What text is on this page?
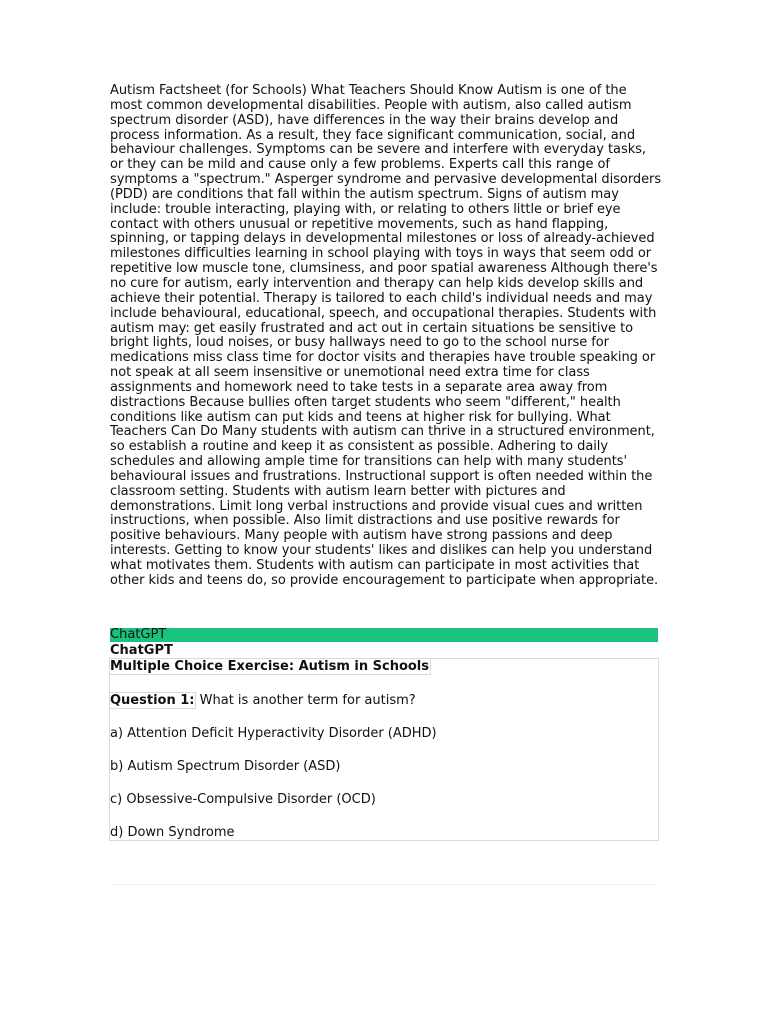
Autism Factsheet (for Schools) What Teachers Should Know Autism is one of the most common developmental disabilities. People with autism, also called autism spectrum disorder (ASD), have differences in the way their brains develop and process information. As a result, they face significant communication, social, and behaviour challenges. Symptoms can be severe and interfere with everyday tasks, or they can be mild and cause only a few problems. Experts call this range of symptoms a "spectrum." Asperger syndrome and pervasive developmental disorders (PDD) are conditions that fall within the autism spectrum. Signs of autism may include: trouble interacting, playing with, or relating to others little or brief eye contact with others unusual or repetitive movements, such as hand flapping, spinning, or tapping delays in developmental milestones or loss of already-achieved milestones difficulties learning in school playing with toys in ways that seem odd or repetitive low muscle tone, clumsiness, and poor spatial awareness Although there's no cure for autism, early intervention and therapy can help kids develop skills and achieve their potential. Therapy is tailored to each child's individual needs and may include behavioural, educational, speech, and occupational therapies. Students with autism may: get easily frustrated and act out in certain situations be sensitive to bright lights, loud noises, or busy hallways need to go to the school nurse for medications miss class time for doctor visits and therapies have trouble speaking or not speak at all seem insensitive or unemotional need extra time for class assignments and homework need to take tests in a separate area away from distractions Because bullies often target students who seem "different," health conditions like autism can put kids and teens at higher risk for bullying. What Teachers Can Do Many students with autism can thrive in a structured environment, so establish a routine and keep it as consistent as possible. Adhering to daily schedules and allowing ample time for transitions can help with many students' behavioural issues and frustrations. Instructional support is often needed within the classroom setting. Students with autism learn better with pictures and demonstrations. Limit long verbal instructions and provide visual cues and written instructions, when possible. Also limit distractions and use positive rewards for positive behaviours. Many people with autism have strong passions and deep interests. Getting to know your students' likes and dislikes can help you understand what motivates them. Students with autism can participate in most activities that other kids and teens do, so provide encouragement to participate when appropriate.

ChatGPT
ChatGPT
Multiple Choice Exercise: Autism in Schools
Question 1: What is another term for autism?
a) Attention Deficit Hyperactivity Disorder (ADHD)
b) Autism Spectrum Disorder (ASD)
c) Obsessive-Compulsive Disorder (OCD)
d) Down Syndrome
